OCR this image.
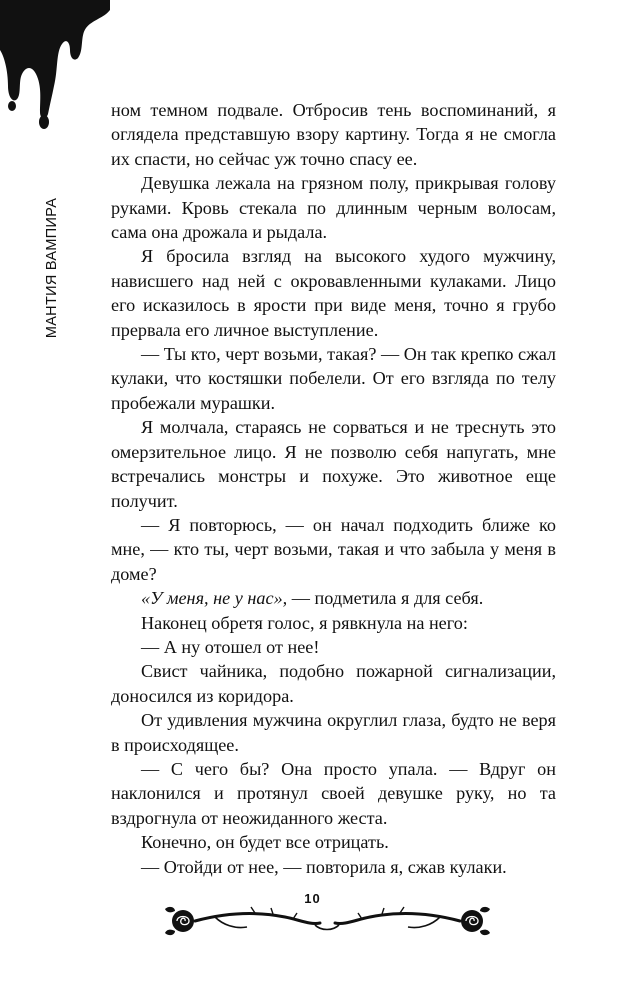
МАНТИЯ ВАМПИРА

ном темном подвале. Отбросив тень воспоминаний, я оглядела представшую взору картину. Тогда я не смогла их спасти, но сейчас уж точно спасу ее.

Девушка лежала на грязном полу, прикрывая голову руками. Кровь стекала по длинным черным волосам, сама она дрожала и рыдала.

Я бросила взгляд на высокого худого мужчину, нависшего над ней с окровавленными кулаками. Лицо его исказилось в ярости при виде меня, точно я грубо прервала его личное выступление.

— Ты кто, черт возьми, такая? — Он так крепко сжал кулаки, что костяшки побелели. От его взгляда по телу пробежали мурашки.

Я молчала, стараясь не сорваться и не треснуть это омерзительное лицо. Я не позволю себя напугать, мне встречались монстры и похуже. Это животное еще получит.

— Я повторюсь, — он начал подходить ближе ко мне, — кто ты, черт возьми, такая и что забыла у меня в доме?

«У меня, не у нас», — подметила я для себя.

Наконец обретя голос, я рявкнула на него:

— А ну отошел от нее!

Свист чайника, подобно пожарной сигнализации, доносился из коридора.

От удивления мужчина округлил глаза, будто не веря в происходящее.

— С чего бы? Она просто упала. — Вдруг он наклонился и протянул своей девушке руку, но та вздрогнула от неожиданного жеста.

Конечно, он будет все отрицать.

— Отойди от нее, — повторила я, сжав кулаки.

10
